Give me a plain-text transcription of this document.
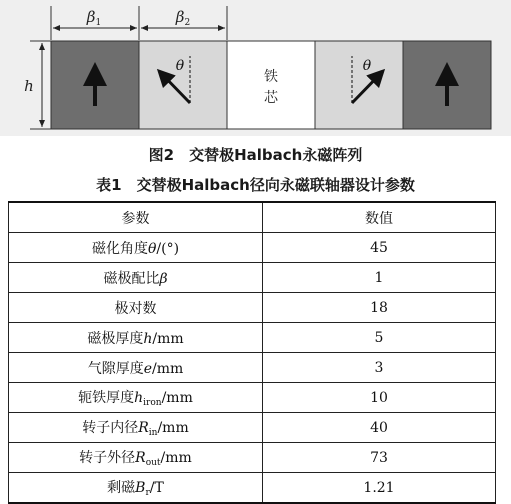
$\beta_1$	$\beta_2$
h
θ
铁
芯
θ
图2　交替极Halbach永磁阵列
表1　交替极Halbach径向永磁联轴器设计参数
参数	数值
磁化角度θ/(°)	45
磁极配比β	1
极对数	18
磁极厚度h/mm	5
气隙厚度e/mm	3
轭铁厚度$h_{iron}/mm$	10
转子内径$R_{in}/mm$	40
转子外径$R_{out}/mm$	73
剩磁$B_r/T$	1.21
